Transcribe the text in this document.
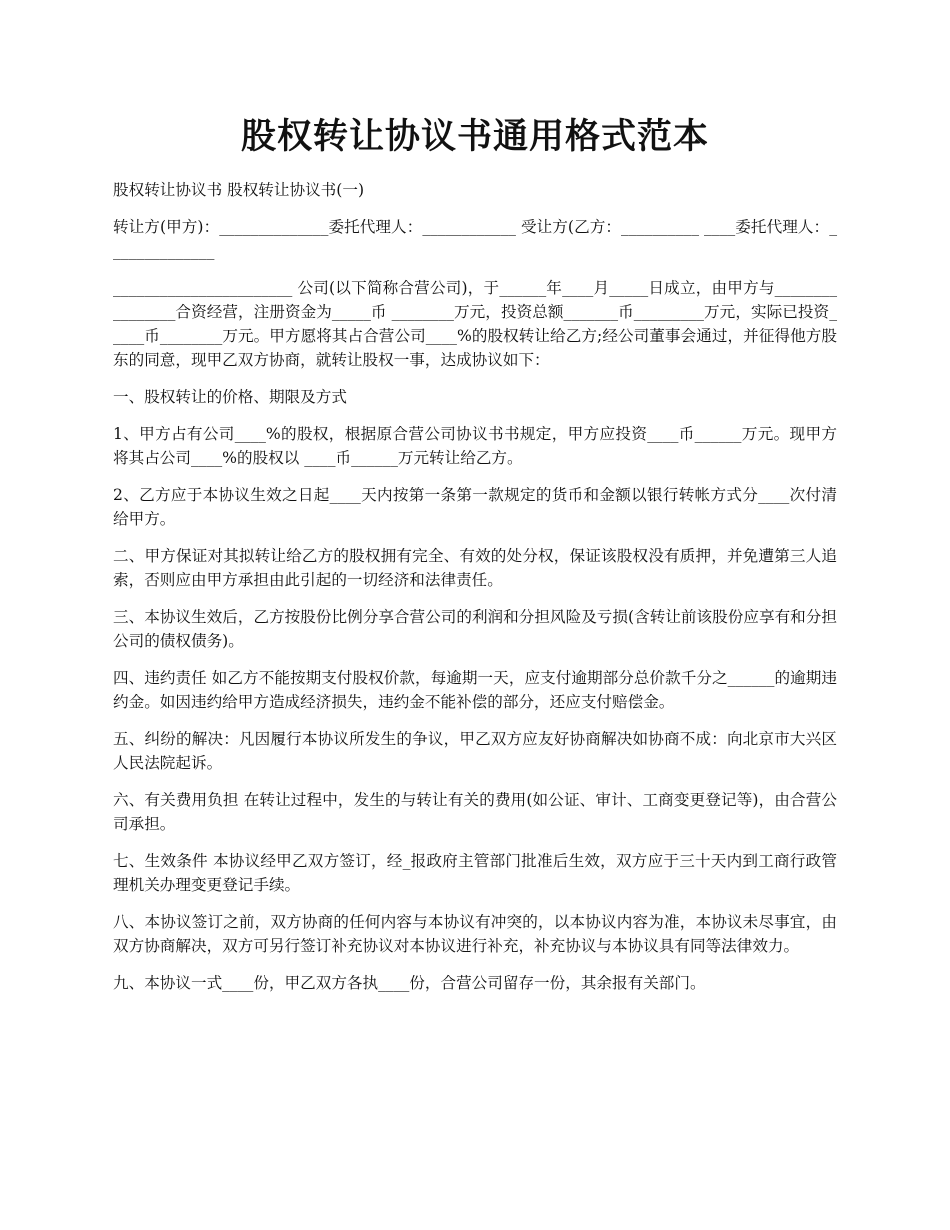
股权转让协议书通用格式范本

股权转让协议书 股权转让协议书(一)

转让方(甲方)：______________委托代理人：____________ 受让方(乙方：__________ ____委托代理人：______________

_______________________ 公司(以下简称合营公司)，于______年____月_____日成立，由甲方与________________合资经营，注册资金为_____币 ________万元，投资总额_______币_________万元，实际已投资_____币________万元。甲方愿将其占合营公司____%的股权转让给乙方;经公司董事会通过，并征得他方股东的同意，现甲乙双方协商，就转让股权一事，达成协议如下：

一、股权转让的价格、期限及方式

1、甲方占有公司____%的股权，根据原合营公司协议书书规定，甲方应投资____币______万元。现甲方将其占公司____%的股权以 ____币______万元转让给乙方。

2、乙方应于本协议生效之日起____天内按第一条第一款规定的货币和金额以银行转帐方式分____次付清给甲方。

二、甲方保证对其拟转让给乙方的股权拥有完全、有效的处分权，保证该股权没有质押，并免遭第三人追索，否则应由甲方承担由此引起的一切经济和法律责任。

三、本协议生效后，乙方按股份比例分享合营公司的利润和分担风险及亏损(含转让前该股份应享有和分担公司的债权债务)。

四、违约责任 如乙方不能按期支付股权价款，每逾期一天，应支付逾期部分总价款千分之______的逾期违约金。如因违约给甲方造成经济损失，违约金不能补偿的部分，还应支付赔偿金。

五、纠纷的解决：凡因履行本协议所发生的争议，甲乙双方应友好协商解决如协商不成：向北京市大兴区人民法院起诉。

六、有关费用负担 在转让过程中，发生的与转让有关的费用(如公证、审计、工商变更登记等)，由合营公司承担。

七、生效条件 本协议经甲乙双方签订，经_报政府主管部门批准后生效，双方应于三十天内到工商行政管理机关办理变更登记手续。

八、本协议签订之前，双方协商的任何内容与本协议有冲突的，以本协议内容为准，本协议未尽事宜，由双方协商解决，双方可另行签订补充协议对本协议进行补充，补充协议与本协议具有同等法律效力。

九、本协议一式____份，甲乙双方各执____份，合营公司留存一份，其余报有关部门。
